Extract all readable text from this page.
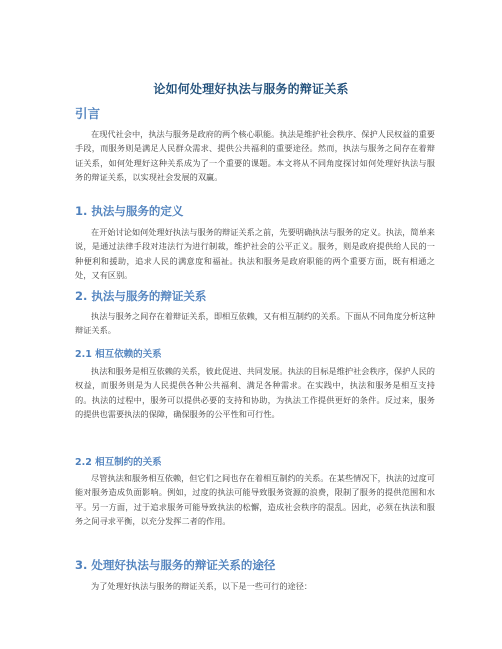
论如何处理好执法与服务的辩证关系
引言

在现代社会中，执法与服务是政府的两个核心职能。执法是维护社会秩序、保护人民权益的重要手段，而服务则是满足人民群众需求、提供公共福利的重要途径。然而，执法与服务之间存在着辩证关系，如何处理好这种关系成为了一个重要的课题。本文将从不同角度探讨如何处理好执法与服务的辩证关系，以实现社会发展的双赢。

1. 执法与服务的定义

在开始讨论如何处理好执法与服务的辩证关系之前，先要明确执法与服务的定义。执法，简单来说，是通过法律手段对违法行为进行制裁，维护社会的公平正义。服务，则是政府提供给人民的一种便利和援助，追求人民的满意度和福祉。执法和服务是政府职能的两个重要方面，既有相通之处，又有区别。

2. 执法与服务的辩证关系

执法与服务之间存在着辩证关系，即相互依赖，又有相互制约的关系。下面从不同角度分析这种辩证关系。

2.1 相互依赖的关系

执法和服务是相互依赖的关系，彼此促进、共同发展。执法的目标是维护社会秩序，保护人民的权益，而服务则是为人民提供各种公共福利、满足各种需求。在实践中，执法和服务是相互支持的。执法的过程中，服务可以提供必要的支持和协助，为执法工作提供更好的条件。反过来，服务的提供也需要执法的保障，确保服务的公平性和可行性。

2.2 相互制约的关系

尽管执法和服务相互依赖，但它们之间也存在着相互制约的关系。在某些情况下，执法的过度可能对服务造成负面影响。例如，过度的执法可能导致服务资源的浪费，限制了服务的提供范围和水平。另一方面，过于追求服务可能导致执法的松懈，造成社会秩序的混乱。因此，必须在执法和服务之间寻求平衡，以充分发挥二者的作用。

3. 处理好执法与服务的辩证关系的途径

为了处理好执法与服务的辩证关系，以下是一些可行的途径：
